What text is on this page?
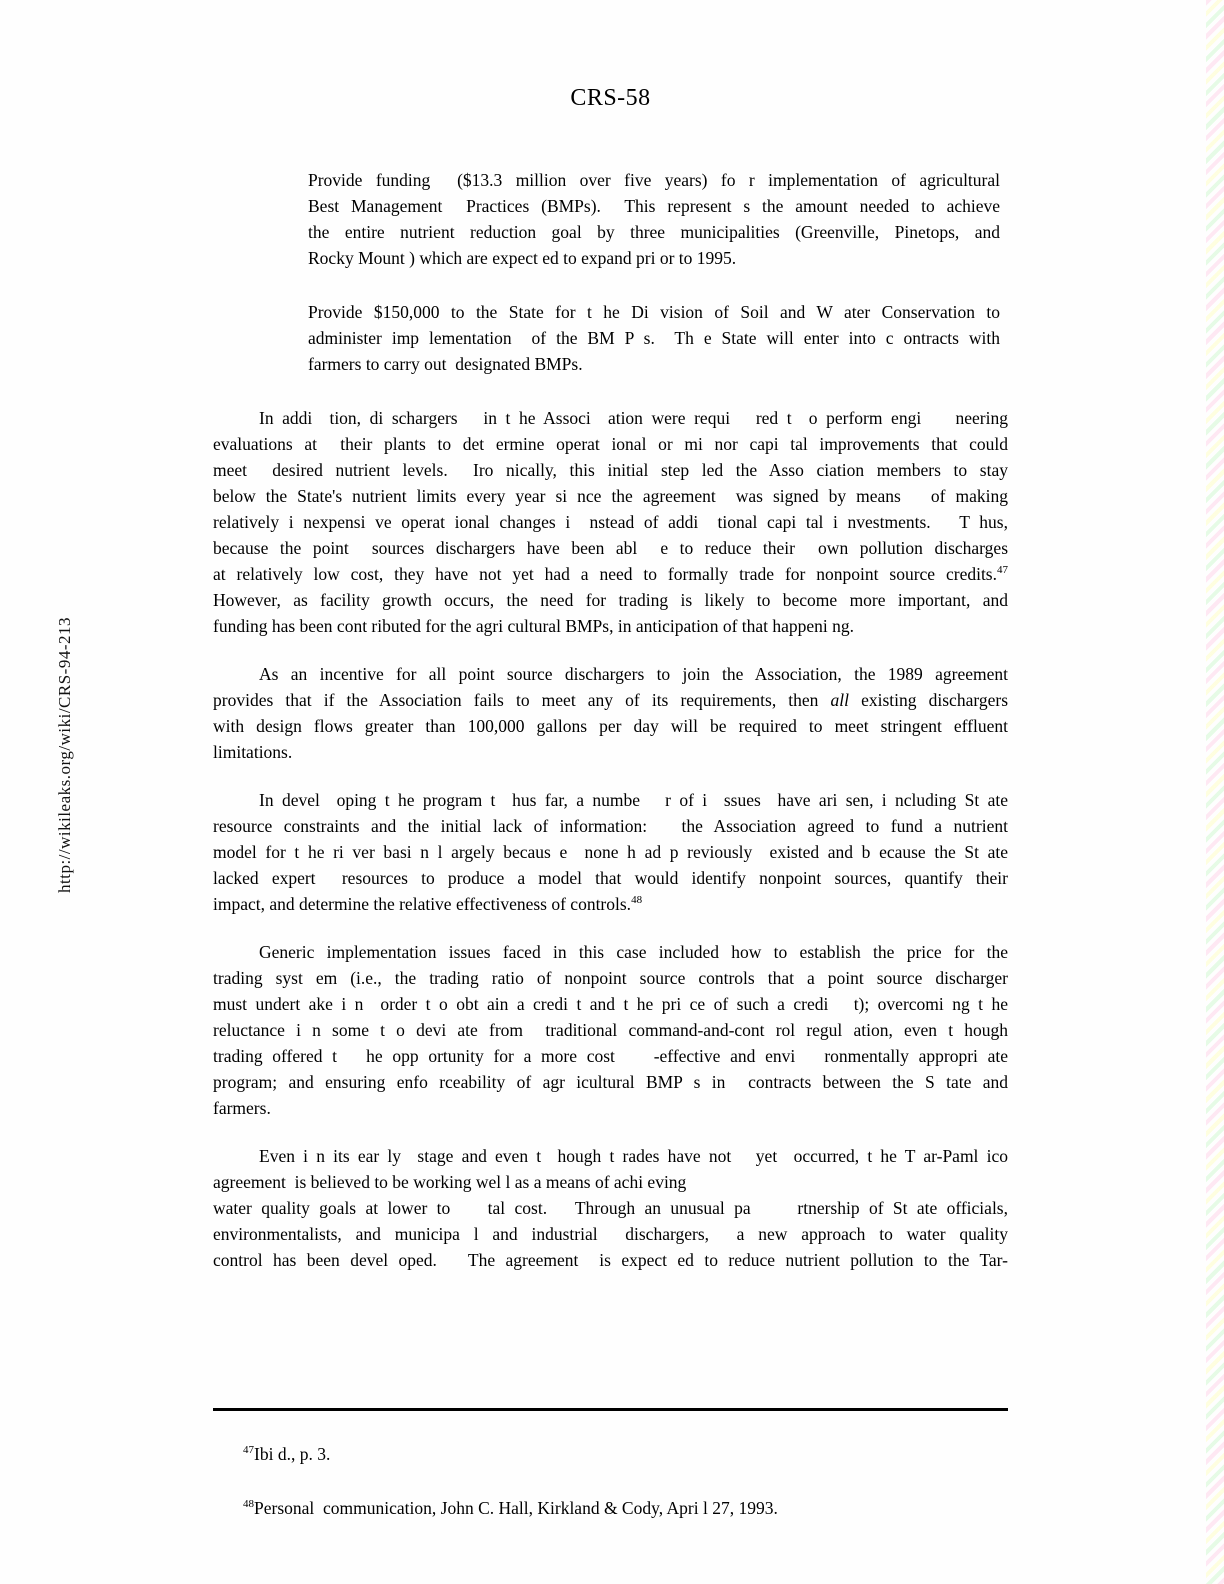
http://wikileaks.org/wiki/CRS-94-213
CRS-58
Provide funding  ($13.3 million over five years) fo r implementation of agricultural
Best Management  Practices (BMPs).  This represent s the amount needed to achieve
the entire nutrient reduction goal by three municipalities (Greenville, Pinetops, and
Rocky Mount ) which are expect ed to expand pri or to 1995.
Provide $150,000 to the State for t he Di vision of Soil and W ater Conservation to
administer imp lementation  of the BM P s.  Th e State will enter into c ontracts with
farmers to carry out  designated BMPs.
In addi  tion, di schargers   in t he Associ  ation were requi   red t  o perform engi    neering
evaluations at  their plants to det ermine operat ional or mi nor capi tal improvements that could
meet  desired nutrient levels.  Iro nically, this initial step led the Asso ciation members to stay
below the State's nutrient limits every year si nce the agreement  was signed by means   of making
relatively i nexpensi ve operat ional changes i  nstead of addi  tional capi tal i nvestments.   T hus,
because the point  sources dischargers have been abl  e to reduce their  own pollution discharges
at relatively low cost, they have not yet had a need to formally trade for nonpoint source credits.$^{47}$
However, as facility growth occurs, the need for trading is likely to become more important, and
funding has been cont ributed for the agri cultural BMPs, in anticipation of that happeni ng.
As an incentive for all point source dischargers to join the Association, the 1989 agreement
provides that if the Association fails to meet any of its requirements, then all existing dischargers
with design flows greater than 100,000 gallons per day will be required to meet stringent effluent
limitations.
In devel  oping t he program t  hus far, a numbe   r of i  ssues  have ari sen, i ncluding St ate
resource constraints and the initial lack of information:   the Association agreed to fund a nutrient
model for t he ri ver basi n l argely becaus e  none h ad p reviously  existed and b ecause the St ate
lacked expert  resources to produce a model that would identify nonpoint sources, quantify their
impact, and determine the relative effectiveness of controls.$^{48}$
Generic implementation issues faced in this case included how to establish the price for the
trading syst em (i.e., the trading ratio of nonpoint source controls that a point source discharger
must undert ake i n  order t o obt ain a credi t and t he pri ce of such a credi   t); overcomi ng t he
reluctance i n some t o devi ate from  traditional command-and-cont rol regul ation, even t hough
trading offered t   he opp ortunity for a more cost    -effective and envi   ronmentally appropri ate
program; and ensuring enfo rceability of agr icultural BMP s in  contracts between the S tate and
farmers.
Even i n its ear ly  stage and even t  hough t rades have not   yet  occurred, t he T ar-Paml ico
agreement  is believed to be working wel l as a means of achi eving
water quality goals at lower to    tal cost.   Through an unusual pa     rtnership of St ate officials,
environmentalists, and municipa l and industrial  dischargers,  a new approach to water quality
control has been devel oped.   The agreement  is expect ed to reduce nutrient pollution to the Tar-
$^{47}$Ibi d., p. 3.
$^{48}$Personal  communication, John C. Hall, Kirkland & Cody, Apri l 27, 1993.
